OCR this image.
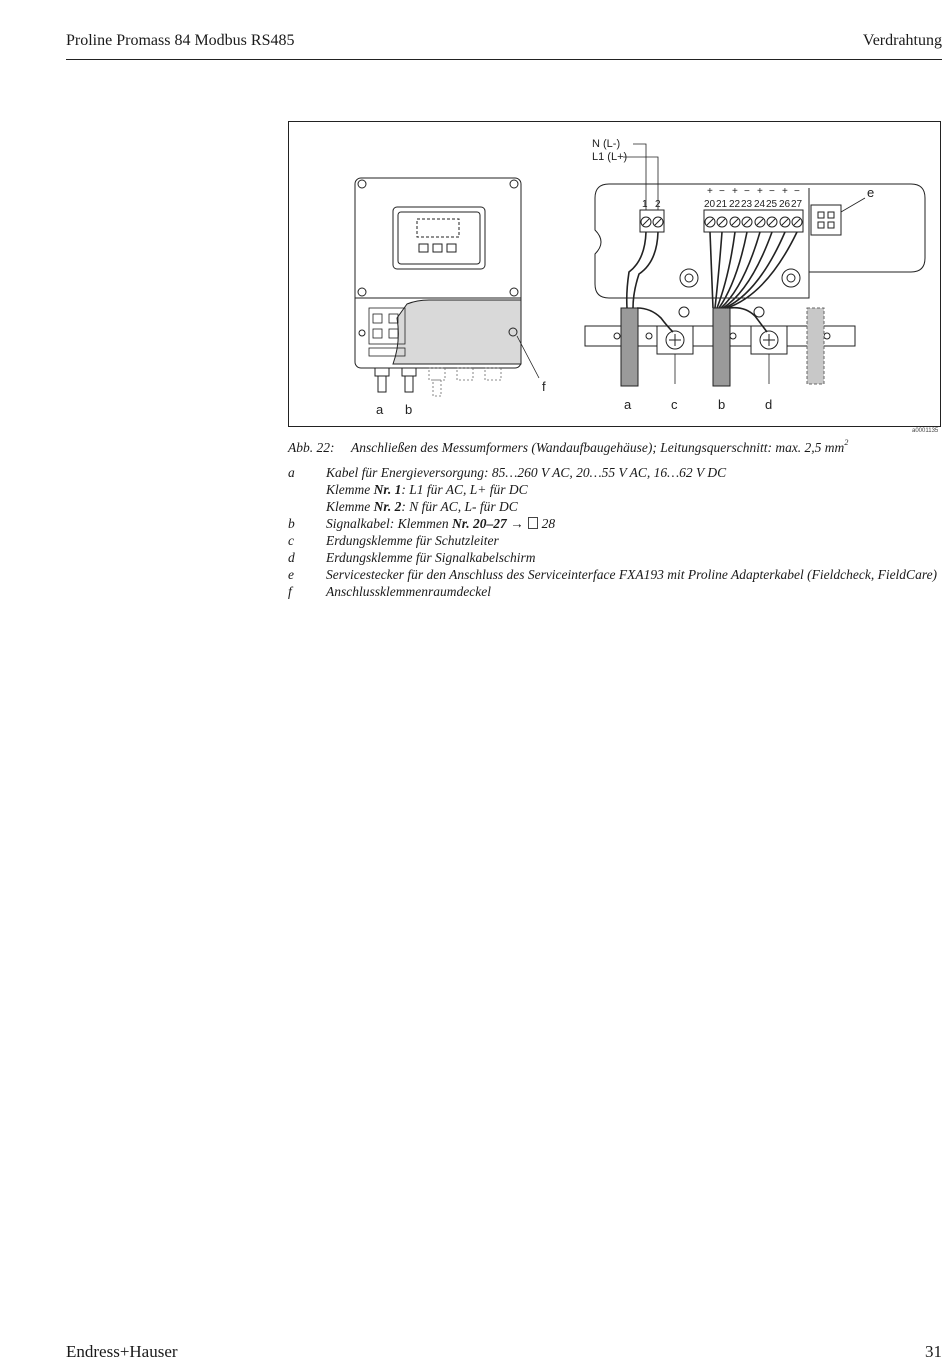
Proline Promass 84 Modbus RS485	Verdrahtung
f
a b
N (L-)
L1 (L+)
1 2	20 21 22 23 24 25 26 27
+ − + − + − + −	e
a	c	b	d
a0001135
Abb. 22: Anschließen des Messumformers (Wandaufbaugehäuse); Leitungsquerschnitt: max. 2,5 $mm^2$
a Kabel für Energieversorgung: 85…260 V AC, 20…55 V AC, 16…62 V DC
Klemme Nr. 1: L1 für AC, L+ für DC
Klemme Nr. 2: N für AC, L- für DC
b Signalkabel: Klemmen Nr. 20–27 → 28
c Erdungsklemme für Schutzleiter
d Erdungsklemme für Signalkabelschirm
e Servicestecker für den Anschluss des Serviceinterface FXA193 mit Proline Adapterkabel (Fieldcheck, FieldCare)
f	Anschlussklemmenraumdeckel
Endress+Hauser	31
